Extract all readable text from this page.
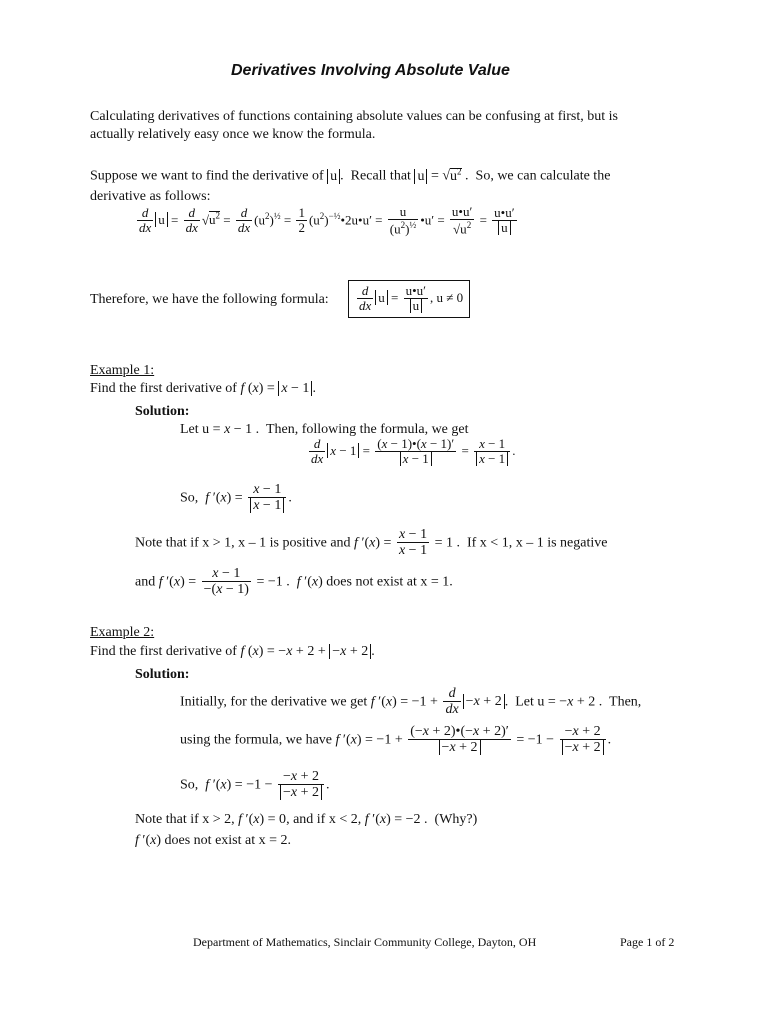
Derivatives Involving Absolute Value
Calculating derivatives of functions containing absolute values can be confusing at first, but is
actually relatively easy once we know the formula.
Suppose we want to find the derivative of u .  Recall that $u = √u^2$ .  So, we can calculate the
derivative as follows:
$\frac{d}{dx}$ $u = \frac{d}{dx} √u^2 = \frac{d}{dx} (u^2)^{\frac{1}{2}} = \frac{1}{2}$ $(u^2)^{-\frac{1}{2}}•2u•u' = \frac{u}{(u^2)^{\frac{1}{2}}}$ •u′ = $\frac{u•u'}{√u^2} = \frac{u•u'}{u}$
Therefore, we have the following formula: $\frac{d}{dx}$ $u = \frac{u•u'}{u}$ , u ≠ 0
Example 1:
Find the first derivative of f (x) = x − 1 .
Solution:
Let u = x − 1 .  Then, following the formula, we get
$\frac{d}{dx}$ $x - 1 = \frac{(x - 1)•(x - 1)'}{x - 1} = \frac{x - 1}{x - 1}$ .
So, f $'(x) = \frac{x - 1}{x - 1}$ .
Note that if x > 1, x – 1 is positive and f $'(x) = \frac{x - 1}{x - 1} = 1$ .  If x < 1, x – 1 is negative
and f $'(x) = \frac{x - 1}{-(x - 1)} = -1$ .  f ′(x) does not exist at x = 1.
Example 2:
Find the first derivative of f (x) = −x + 2 + −x + 2 .
Solution:
Initially, for the derivative we get f $'(x) = -1 + \frac{d}{dx} -x + 2$ .  Let u = −x + 2 .  Then,
using the formula, we have f $'(x) = -1 + \frac{(-x + 2)•(-x + 2)'}{-x + 2} = -1 - \frac{-x + 2}{-x + 2}$ .
So, f $'(x) = -1 - \frac{-x + 2}{-x + 2}$ .
Note that if x > 2, f ′(x) = 0, and if x < 2, f ′(x) = −2 .  (Why?)
f ′(x) does not exist at x = 2.
Department of Mathematics, Sinclair Community College, Dayton, OH	Page 1 of 2
